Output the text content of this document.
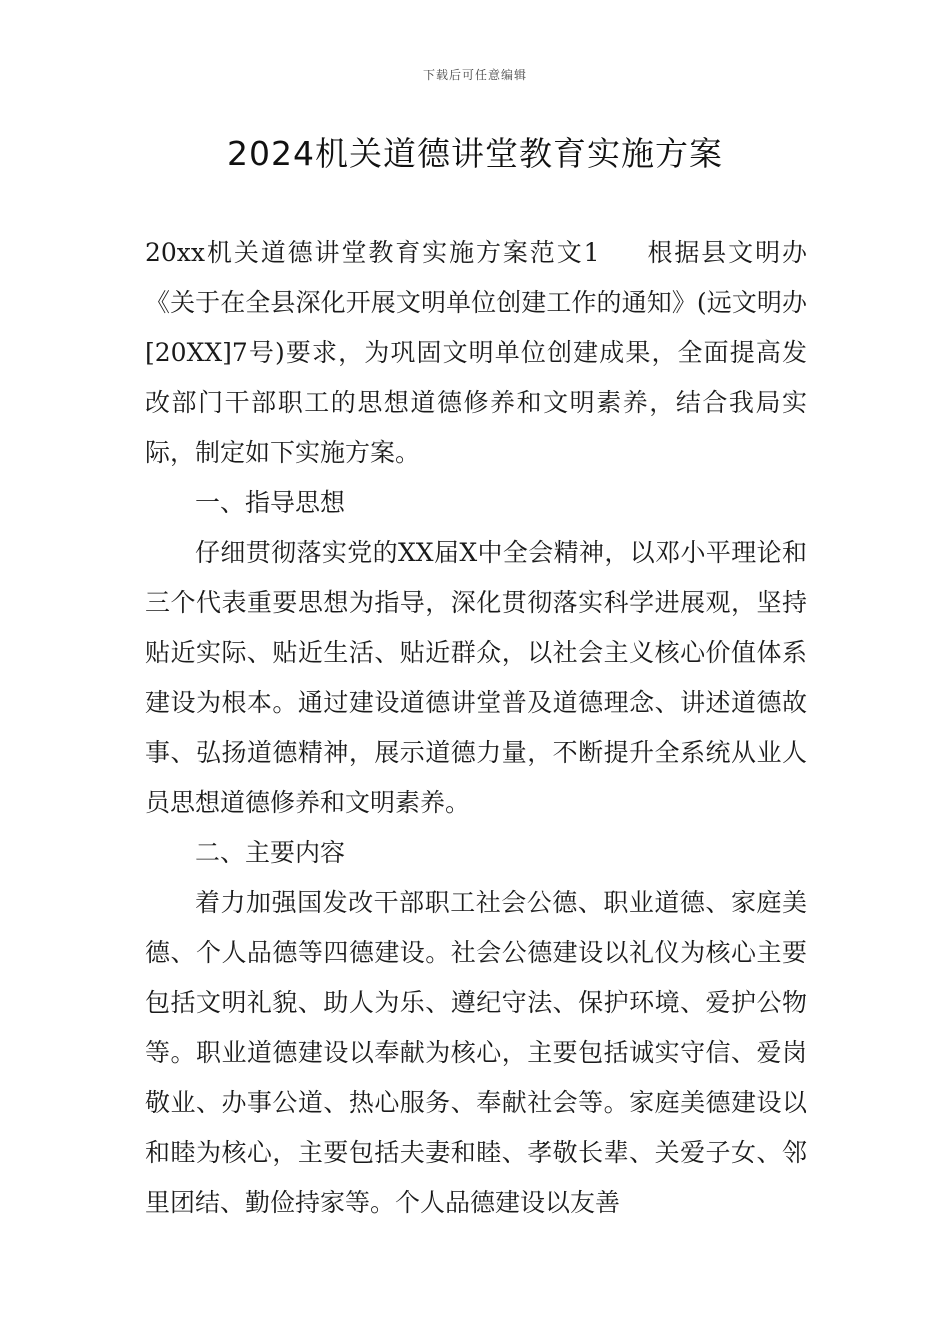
下载后可任意编辑
2024机关道德讲堂教育实施方案

20xx机关道德讲堂教育实施方案范文1 根据县文明办《关于在全县深化开展文明单位创建工作的通知》(远文明办[20XX]7号)要求，为巩固文明单位创建成果，全面提高发改部门干部职工的思想道德修养和文明素养，结合我局实际，制定如下实施方案。

一、指导思想

仔细贯彻落实党的XX届X中全会精神，以邓小平理论和三个代表重要思想为指导，深化贯彻落实科学进展观，坚持贴近实际、贴近生活、贴近群众，以社会主义核心价值体系建设为根本。通过建设道德讲堂普及道德理念、讲述道德故事、弘扬道德精神，展示道德力量，不断提升全系统从业人员思想道德修养和文明素养。

二、主要内容

着力加强国发改干部职工社会公德、职业道德、家庭美德、个人品德等四德建设。社会公德建设以礼仪为核心主要包括文明礼貌、助人为乐、遵纪守法、保护环境、爱护公物等。职业道德建设以奉献为核心，主要包括诚实守信、爱岗敬业、办事公道、热心服务、奉献社会等。家庭美德建设以和睦为核心，主要包括夫妻和睦、孝敬长辈、关爱子女、邻里团结、勤俭持家等。个人品德建设以友善
